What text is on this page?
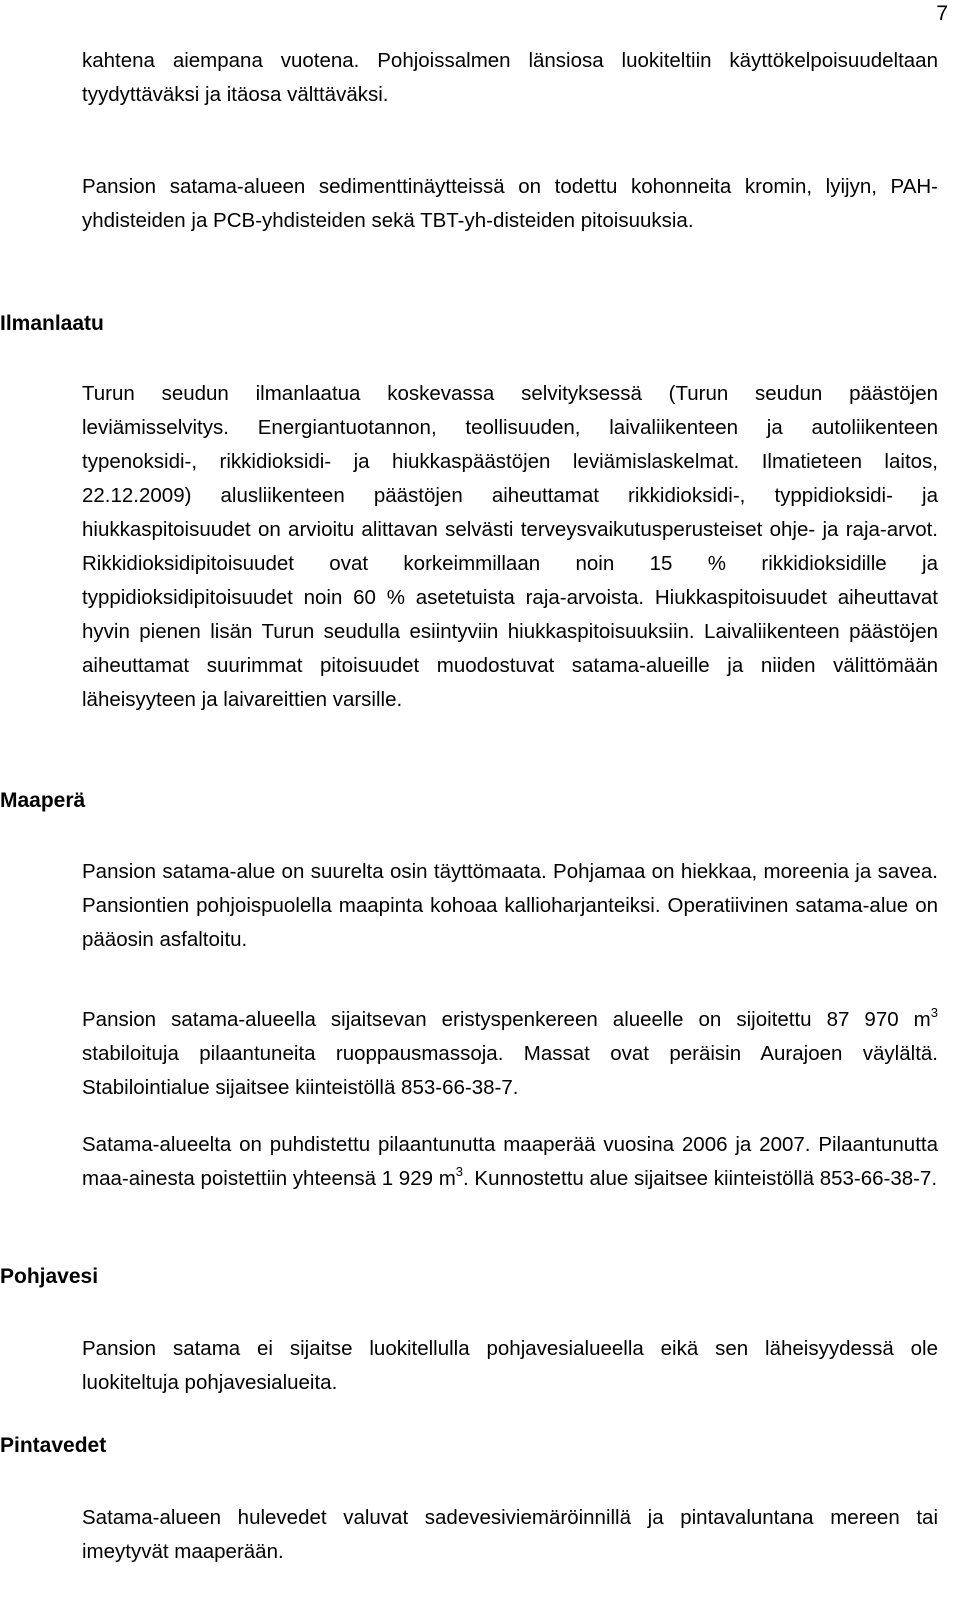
7

kahtena aiempana vuotena. Pohjoissalmen länsiosa luokiteltiin käyttökelpoisuudeltaan tyydyttäväksi ja itäosa välttäväksi.

Pansion satama-alueen sedimenttinäytteissä on todettu kohonneita kromin, lyijyn, PAH-yhdisteiden ja PCB-yhdisteiden sekä TBT-yh-disteiden pitoisuuksia.

Ilmanlaatu

Turun seudun ilmanlaatua koskevassa selvityksessä (Turun seudun päästöjen leviämisselvitys. Energiantuotannon, teollisuuden, laivaliikenteen ja autoliikenteen typenoksidi-, rikkidioksidi- ja hiukkaspäästöjen leviämislaskelmat. Ilmatieteen laitos, 22.12.2009) alusliikenteen päästöjen aiheuttamat rikkidioksidi-, typpidioksidi- ja hiukkaspitoisuudet on arvioitu alittavan selvästi terveysvaikutusperusteiset ohje- ja raja-arvot. Rikkidioksidipitoisuudet ovat korkeimmillaan noin 15 % rikkidioksidille ja typpidioksidipitoisuudet noin 60 % asetetuista raja-arvoista. Hiukkaspitoisuudet aiheuttavat hyvin pienen lisän Turun seudulla esiintyviin hiukkaspitoisuuksiin. Laivaliikenteen päästöjen aiheuttamat suurimmat pitoisuudet muodostuvat satama-alueille ja niiden välittömään läheisyyteen ja laivareittien varsille.

Maaperä

Pansion satama-alue on suurelta osin täyttömaata. Pohjamaa on hiekkaa, moreenia ja savea. Pansiontien pohjoispuolella maapinta kohoaa kallioharjanteiksi. Operatiivinen satama-alue on pääosin asfaltoitu.

Pansion satama-alueella sijaitsevan eristyspenkereen alueelle on sijoitettu 87 970 $m^3$ stabiloituja pilaantuneita ruoppausmassoja. Massat ovat peräisin Aurajoen väylältä. Stabilointialue sijaitsee kiinteistöllä 853-66-38-7.

Satama-alueelta on puhdistettu pilaantunutta maaperää vuosina 2006 ja 2007. Pilaantunutta maa-ainesta poistettiin yhteensä 1 929 $m^3$. Kunnostettu alue sijaitsee kiinteistöllä 853-66-38-7.

Pohjavesi

Pansion satama ei sijaitse luokitellulla pohjavesialueella eikä sen läheisyydessä ole luokiteltuja pohjavesialueita.

Pintavedet

Satama-alueen hulevedet valuvat sadevesiviemäröinnillä ja pintavaluntana mereen tai imeytyvät maaperään.
